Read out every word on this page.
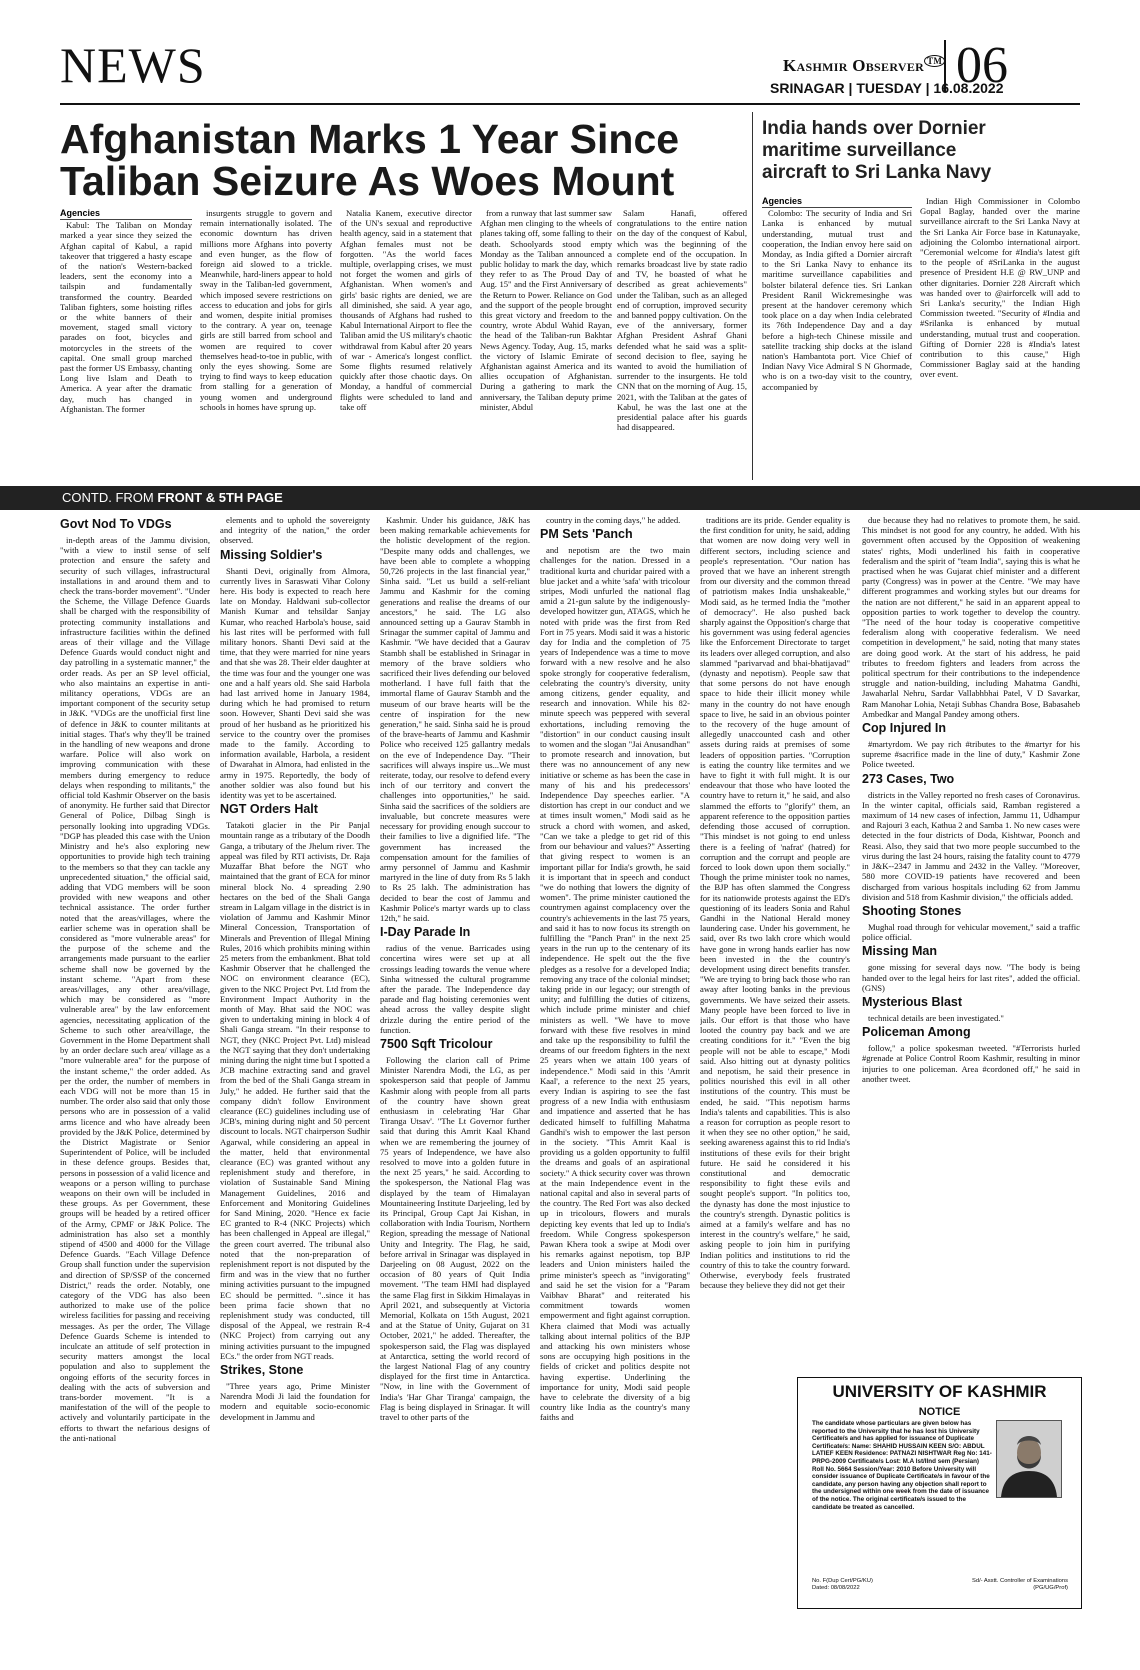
NEWS	Kashmir Observer ™
SRINAGAR | TUESDAY | 16.08.2022
06
Afghanistan Marks 1 Year Since
Taliban Seizure As Woes Mount
Agencies

Kabul: The Taliban on Monday marked a year since they seized the Afghan capital of Kabul, a rapid takeover that triggered a hasty escape of the nation's Western-backed leaders, sent the economy into a tailspin and fundamentally transformed the country. Bearded Taliban fighters, some hoisting rifles or the white banners of their movement, staged small victory parades on foot, bicycles and motorcycles in the streets of the capital. One small group marched past the former US Embassy, chanting Long live Islam and Death to America. A year after the dramatic day, much has changed in Afghanistan. The former

insurgents struggle to govern and remain internationally isolated. The economic downturn has driven millions more Afghans into poverty and even hunger, as the flow of foreign aid slowed to a trickle. Meanwhile, hard-liners appear to hold sway in the Taliban-led government, which imposed severe restrictions on access to education and jobs for girls and women, despite initial promises to the contrary. A year on, teenage girls are still barred from school and women are required to cover themselves head-to-toe in public, with only the eyes showing. Some are trying to find ways to keep education from stalling for a generation of young women and underground schools in homes have sprung up.

Natalia Kanem, executive director of the UN's sexual and reproductive health agency, said in a statement that Afghan females must not be forgotten. "As the world faces multiple, overlapping crises, we must not forget the women and girls of Afghanistan. When women's and girls' basic rights are denied, we are all diminished, she said. A year ago, thousands of Afghans had rushed to Kabul International Airport to flee the Taliban amid the US military's chaotic withdrawal from Kabul after 20 years of war - America's longest conflict. Some flights resumed relatively quickly after those chaotic days. On Monday, a handful of commercial flights were scheduled to land and take off

from a runway that last summer saw Afghan men clinging to the wheels of planes taking off, some falling to their death. Schoolyards stood empty Monday as the Taliban announced a public holiday to mark the day, which they refer to as The Proud Day of Aug. 15" and the First Anniversary of the Return to Power. Reliance on God and the support of the people brought this great victory and freedom to the country, wrote Abdul Wahid Rayan, the head of the Taliban-run Bakhtar News Agency. Today, Aug. 15, marks the victory of Islamic Emirate of Afghanistan against America and its allies occupation of Afghanistan. During a gathering to mark the anniversary, the Taliban deputy prime minister, Abdul

Salam Hanafi, offered congratulations to the entire nation on the day of the conquest of Kabul, which was the beginning of the complete end of the occupation. In remarks broadcast live by state radio and TV, he boasted of what he described as great achievements" under the Taliban, such as an alleged end of corruption, improved security and banned poppy cultivation. On the eve of the anniversary, former Afghan President Ashraf Ghani defended what he said was a split-second decision to flee, saying he wanted to avoid the humiliation of surrender to the insurgents. He told CNN that on the morning of Aug. 15, 2021, with the Taliban at the gates of Kabul, he was the last one at the presidential palace after his guards had disappeared.

India hands over Dornier maritime surveillance aircraft to Sri Lanka Navy
Agencies

Colombo: The security of India and Sri Lanka is enhanced by mutual understanding, mutual trust and cooperation, the Indian envoy here said on Monday, as India gifted a Dornier aircraft to the Sri Lanka Navy to enhance its maritime surveillance capabilities and bolster bilateral defence ties. Sri Lankan President Ranil Wickremesinghe was present at the handover ceremony which took place on a day when India celebrated its 76th Independence Day and a day before a high-tech Chinese missile and satellite tracking ship docks at the island nation's Hambantota port. Vice Chief of Indian Navy Vice Admiral S N Ghormade, who is on a two-day visit to the country, accompanied by

Indian High Commissioner in Colombo Gopal Baglay, handed over the marine surveillance aircraft to the Sri Lanka Navy at the Sri Lanka Air Force base in Katunayake, adjoining the Colombo international airport. "Ceremonial welcome for #India's latest gift to the people of #SriLanka in the august presence of President H.E @ RW_UNP and other dignitaries. Dornier 228 Aircraft which was handed over to @airforcelk will add to Sri Lanka's security," the Indian High Commission tweeted. "Security of #India and #Srilanka is enhanced by mutual understanding, mutual trust and cooperation. Gifting of Dornier 228 is #India's latest contribution to this cause," High Commissioner Baglay said at the handing over event.

CONTD. FROM FRONT & 5TH PAGE
Govt Nod To VDGs

in-depth areas of the Jammu division, "with a view to instil sense of self protection and ensure the safety and security of such villages, infrastructural installations in and around them and to check the trans-border movement". "Under the Scheme, the Village Defence Guards shall be charged with the responsibility of protecting community installations and infrastructure facilities within the defined areas of their village and the Village Defence Guards would conduct night and day patrolling in a systematic manner," the order reads. As per an SP level official, who also maintains an expertise in anti-militancy operations, VDGs are an important component of the security setup in J&K. "VDGs are the unofficial first line of defence in J&K to counter militants at initial stages. That's why they'll be trained in the handling of new weapons and drone warfare. Police will also work on improving communication with these members during emergency to reduce delays when responding to militants," the official told Kashmir Observer on the basis of anonymity. He further said that Director General of Police, Dilbag Singh is personally looking into upgrading VDGs. "DGP has pleaded this case with the Union Ministry and he's also exploring new opportunities to provide high tech training to the members so that they can tackle any unprecedented situation," the official said, adding that VDG members will be soon provided with new weapons and other technical assistance. The order further noted that the areas/villages, where the earlier scheme was in operation shall be considered as "more vulnerable areas" for the purpose of the scheme and the arrangements made pursuant to the earlier scheme shall now be governed by the instant scheme. "Apart from these areas/villages, any other area/village, which may be considered as "more vulnerable area" by the law enforcement agencies, necessitating application of the Scheme to such other area/village, the Government in the Home Department shall by an order declare such area/ village as a "more vulnerable area" for the purpose of the instant scheme," the order added. As per the order, the number of members in each VDG will not be more than 15 in number. The order also said that only those persons who are in possession of a valid arms licence and who have already been provided by the J&K Police, determined by the District Magistrate or Senior Superintendent of Police, will be included in these defence groups. Besides that, persons in possession of a valid licence and weapons or a person willing to purchase weapons on their own will be included in these groups. As per Government, these groups will be headed by a retired officer of the Army, CPMF or J&K Police. The administration has also set a monthly stipend of 4500 and 4000 for the Village Defence Guards. "Each Village Defence Group shall function under the supervision and direction of SP/SSP of the concerned District," reads the order. Notably, one category of the VDG has also been authorized to make use of the police wireless facilities for passing and receiving messages. As per the order, The Village Defence Guards Scheme is intended to inculcate an attitude of self protection in security matters amongst the local population and also to supplement the ongoing efforts of the security forces in dealing with the acts of subversion and trans-border movement. "It is a manifestation of the will of the people to actively and voluntarily participate in the efforts to thwart the nefarious designs of the anti-national

elements and to uphold the sovereignty and integrity of the nation," the order observed.

Missing Soldier's

Shanti Devi, originally from Almora, currently lives in Saraswati Vihar Colony here. His body is expected to reach here late on Monday. Haldwani sub-collector Manish Kumar and tehsildar Sanjay Kumar, who reached Harbola's house, said his last rites will be performed with full military honors. Shanti Devi said at the time, that they were married for nine years and that she was 28. Their elder daughter at the time was four and the younger one was one and a half years old. She said Harbola had last arrived home in January 1984, during which he had promised to return soon. However, Shanti Devi said she was proud of her husband as he prioritized his service to the country over the promises made to the family. According to information available, Harbola, a resident of Dwarahat in Almora, had enlisted in the army in 1975. Reportedly, the body of another soldier was also found but his identity was yet to be ascertained.

NGT Orders Halt

Tatakoti glacier in the Pir Panjal mountain range as a tributary of the Doodh Ganga, a tributary of the Jhelum river. The appeal was filed by RTI activists, Dr. Raja Muzaffar Bhat before the NGT who maintained that the grant of ECA for minor mineral block No. 4 spreading 2.90 hectares on the bed of the Shali Ganga stream in Lalgam village in the district is in violation of Jammu and Kashmir Minor Mineral Concession, Transportation of Minerals and Prevention of Illegal Mining Rules, 2016 which prohibits mining within 25 meters from the embankment. Bhat told Kashmir Observer that he challenged the NOC on environment clearance (EC), given to the NKC Project Pvt. Ltd from the Environment Impact Authority in the month of May. Bhat said the NOC was given to undertaking mining in block 4 of Shali Ganga stream. "In their response to NGT, they (NKC Project Pvt. Ltd) mislead the NGT saying that they don't undertaking mining during the night time but I spotted a JCB machine extracting sand and gravel from the bed of the Shali Ganga stream in July," he added. He further said that the company didn't follow Environment clearance (EC) guidelines including use of JCB's, mining during night and 50 percent discount to locals. NGT chairperson Sudhir Agarwal, while considering an appeal in the matter, held that environmental clearance (EC) was granted without any replenishment study and therefore, in violation of Sustainable Sand Mining Management Guidelines, 2016 and Enforcement and Monitoring Guidelines for Sand Mining, 2020. "Hence ex facie EC granted to R-4 (NKC Projects) which has been challenged in Appeal are illegal," the green court averred. The tribunal also noted that the non-preparation of replenishment report is not disputed by the firm and was in the view that no further mining activities pursuant to the impugned EC should be permitted. "..since it has been prima facie shown that no replenishment study was conducted, till disposal of the Appeal, we restrain R-4 (NKC Project) from carrying out any mining activities pursuant to the impugned ECs." the order from NGT reads.

Strikes, Stone

"Three years ago, Prime Minister Narendra Modi Ji laid the foundation for modern and equitable socio-economic development in Jammu and

Kashmir. Under his guidance, J&K has been making remarkable achievements for the holistic development of the region. "Despite many odds and challenges, we have been able to complete a whopping 50,726 projects in the last financial year," Sinha said. "Let us build a self-reliant Jammu and Kashmir for the coming generations and realise the dreams of our ancestors," he said. The LG also announced setting up a Gaurav Stambh in Srinagar the summer capital of Jammu and Kashmir. "We have decided that a Gaurav Stambh shall be established in Srinagar in memory of the brave soldiers who sacrificed their lives defending our beloved motherland. I have full faith that the immortal flame of Gaurav Stambh and the museum of our brave hearts will be the centre of inspiration for the new generation," he said. Sinha said he is proud of the brave-hearts of Jammu and Kashmir Police who received 125 gallantry medals on the eve of Independence Day. "Their sacrifices will always inspire us...We must reiterate, today, our resolve to defend every inch of our territory and convert the challenges into opportunities," he said. Sinha said the sacrifices of the soldiers are invaluable, but concrete measures were necessary for providing enough succour to their families to live a dignified life. "The government has increased the compensation amount for the families of army personnel of Jammu and Kashmir martyred in the line of duty from Rs 5 lakh to Rs 25 lakh. The administration has decided to bear the cost of Jammu and Kashmir Police's martyr wards up to class 12th," he said.

I-Day Parade In

radius of the venue. Barricades using concertina wires were set up at all crossings leading towards the venue where Sinha witnessed the cultural programme after the parade. The Independence day parade and flag hoisting ceremonies went ahead across the valley despite slight drizzle during the entire period of the function.

7500 Sqft Tricolour

Following the clarion call of Prime Minister Narendra Modi, the LG, as per spokesperson said that people of Jammu Kashmir along with people from all parts of the country have shown great enthusiasm in celebrating 'Har Ghar Tiranga Utsav'. "The Lt Governor further said that during this Amrit Kaal Khand when we are remembering the journey of 75 years of Independence, we have also resolved to move into a golden future in the next 25 years," he said. According to the spokesperson, the National Flag was displayed by the team of Himalayan Mountaineering Institute Darjeeling, led by its Principal, Group Capt Jai Kishan, in collaboration with India Tourism, Northern Region, spreading the message of National Unity and Integrity. The Flag, he said, before arrival in Srinagar was displayed in Darjeeling on 08 August, 2022 on the occasion of 80 years of Quit India movement. "The team HMI had displayed the same Flag first in Sikkim Himalayas in April 2021, and subsequently at Victoria Memorial, Kolkata on 15th August, 2021 and at the Statue of Unity, Gujarat on 31 October, 2021," he added. Thereafter, the spokesperson said, the Flag was displayed at Antarctica, setting the world record of the largest National Flag of any country displayed for the first time in Antarctica. "Now, in line with the Government of India's 'Har Ghar Tiranga' campaign, the Flag is being displayed in Srinagar. It will travel to other parts of the

country in the coming days," he added.

PM Sets 'Panch

and nepotism are the two main challenges for the nation. Dressed in a traditional kurta and churidar paired with a blue jacket and a white 'safa' with tricolour stripes, Modi unfurled the national flag amid a 21-gun salute by the indigenously-developed howitzer gun, ATAGS, which he noted with pride was the first from Red Fort in 75 years. Modi said it was a historic day for India and the completion of 75 years of Independence was a time to move forward with a new resolve and he also spoke strongly for cooperative federalism, celebrating the country's diversity, unity among citizens, gender equality, and research and innovation. While his 82-minute speech was peppered with several exhortations, including removing the "distortion" in our conduct causing insult to women and the slogan "Jai Anusandhan" to promote research and innovation, but there was no announcement of any new initiative or scheme as has been the case in many of his and his predecessors' Independence Day speeches earlier. "A distortion has crept in our conduct and we at times insult women," Modi said as he struck a chord with women, and asked, "Can we take a pledge to get rid of this from our behaviour and values?" Asserting that giving respect to women is an important pillar for India's growth, he said it is important that in speech and conduct "we do nothing that lowers the dignity of women". The prime minister cautioned the countrymen against complacency over the country's achievements in the last 75 years, and said it has to now focus its strength on fulfilling the "Panch Pran" in the next 25 years in the run up to the centenary of its independence. He spelt out the the five pledges as a resolve for a developed India; removing any trace of the colonial mindset; taking pride in our legacy; our strength of unity; and fulfilling the duties of citizens, which include prime minister and chief ministers as well. "We have to move forward with these five resolves in mind and take up the responsibility to fulfil the dreams of our freedom fighters in the next 25 years when we attain 100 years of independence." Modi said in this 'Amrit Kaal', a reference to the next 25 years, every Indian is aspiring to see the fast progress of a new India with enthusiasm and impatience and asserted that he has dedicated himself to fulfilling Mahatma Gandhi's wish to empower the last person in the society. "This Amrit Kaal is providing us a golden opportunity to fulfil the dreams and goals of an aspirational society." A thick security cover was thrown at the main Independence event in the national capital and also in several parts of the country. The Red Fort was also decked up in tricolours, flowers and murals depicting key events that led up to India's freedom. While Congress spokesperson Pawan Khera took a swipe at Modi over his remarks against nepotism, top BJP leaders and Union ministers hailed the prime minister's speech as "invigorating" and said he set the vision for a "Param Vaibhav Bharat" and reiterated his commitment towards women empowerment and fight against corruption. Khera claimed that Modi was actually talking about internal politics of the BJP and attacking his own ministers whose sons are occupying high positions in the fields of cricket and politics despite not having expertise. Underlining the importance for unity, Modi said people have to celebrate the diversity of a big country like India as the country's many faiths and

traditions are its pride. Gender equality is the first condition for unity, he said, adding that women are now doing very well in different sectors, including science and people's representation. "Our nation has proved that we have an inherent strength from our diversity and the common thread of patriotism makes India unshakeable," Modi said, as he termed India the "mother of democracy". He also pushed back sharply against the Opposition's charge that his government was using federal agencies like the Enforcement Directorate to target its leaders over alleged corruption, and also slammed "parivarvad and bhai-bhatijavad" (dynasty and nepotism). People saw that that some persons do not have enough space to hide their illicit money while many in the country do not have enough space to live, he said in an obvious pointer to the recovery of the huge amount of allegedly unaccounted cash and other assets during raids at premises of some leaders of opposition parties. "Corruption is eating the country like termites and we have to fight it with full might. It is our endeavour that those who have looted the country have to return it," he said, and also slammed the efforts to "glorify" them, an apparent reference to the opposition parties defending those accused of corruption. "This mindset is not going to end unless there is a feeling of 'nafrat' (hatred) for corruption and the corrupt and people are forced to look down upon them socially." Though the prime minister took no names, the BJP has often slammed the Congress for its nationwide protests against the ED's questioning of its leaders Sonia and Rahul Gandhi in the National Herald money laundering case. Under his government, he said, over Rs two lakh crore which would have gone in wrong hands earlier has now been invested in the the country's development using direct benefits transfer. "We are trying to bring back those who ran away after looting banks in the previous governments. We have seized their assets. Many people have been forced to live in jails. Our effort is that those who have looted the country pay back and we are creating conditions for it." "Even the big people will not be able to escape," Modi said. Also hitting out at dynasty politics and nepotism, he said their presence in politics nourished this evil in all other institutions of the country. This must be ended, he said. "This nepotism harms India's talents and capabilities. This is also a reason for corruption as people resort to it when they see no other option," he said, seeking awareness against this to rid India's institutions of these evils for their bright future. He said he considered it his constitutional and democratic responsibility to fight these evils and sought people's support. "In politics too, the dynasty has done the most injustice to the country's strength. Dynastic politics is aimed at a family's welfare and has no interest in the country's welfare," he said, asking people to join him in purifying Indian politics and institutions to rid the country of this to take the country forward. Otherwise, everybody feels frustrated because they believe they did not get their

due because they had no relatives to promote them, he said. This mindset is not good for any country, he added. With his government often accused by the Opposition of weakening states' rights, Modi underlined his faith in cooperative federalism and the spirit of "team India", saying this is what he practised when he was Gujarat chief minister and a different party (Congress) was in power at the Centre. "We may have different programmes and working styles but our dreams for the nation are not different," he said in an apparent appeal to opposition parties to work together to develop the country. "The need of the hour today is cooperative competitive federalism along with cooperative federalism. We need competition in development," he said, noting that many states are doing good work. At the start of his address, he paid tributes to freedom fighters and leaders from across the political spectrum for their contributions to the independence struggle and nation-building, including Mahatma Gandhi, Jawaharlal Nehru, Sardar Vallabhbhai Patel, V D Savarkar, Ram Manohar Lohia, Netaji Subhas Chandra Bose, Babasaheb Ambedkar and Mangal Pandey among others.

Cop Injured In

#martyrdom. We pay rich #tributes to the #martyr for his supreme #sacrifice made in the line of duty," Kashmir Zone Police tweeted.

273 Cases, Two

districts in the Valley reported no fresh cases of Coronavirus. In the winter capital, officials said, Ramban registered a maximum of 14 new cases of infection, Jammu 11, Udhampur and Rajouri 3 each, Kathua 2 and Samba 1. No new cases were detected in the four districts of Doda, Kishtwar, Poonch and Reasi. Also, they said that two more people succumbed to the virus during the last 24 hours, raising the fatality count to 4779 in J&K--2347 in Jammu and 2432 in the Valley. "Moreover, 580 more COVID-19 patients have recovered and been discharged from various hospitals including 62 from Jammu division and 518 from Kashmir division," the officials added.

Shooting Stones

Mughal road through for vehicular movement," said a traffic police official.

Missing Man

gone missing for several days now. "The body is being handed over to the legal heirs for last rites", added the official. (GNS)

Mysterious Blast

technical details are been investigated."

Policeman Among

follow," a police spokesman tweeted. "#Terrorists hurled #grenade at Police Control Room Kashmir, resulting in minor injuries to one policeman. Area #cordoned off," he said in another tweet.

UNIVERSITY OF KASHMIR
NOTICE
The candidate whose particulars are given below has reported to the University that he has lost his University Certificate/s and has applied for issuance of Duplicate Certificate/s: Name: SHAHID HUSSAIN KEEN S/O: ABDUL LATIEF KEEN Residence: PATNAZI NISHTWAR Reg No: 141-PRPG-2009 Certificate/s Lost: M.A Ist/IInd sem (Persian) Roll No. 5664 Session/Year: 2010 Before University will consider issuance of Duplicate Certificate/s in favour of the candidate, any person having any objection shall report to the undersigned within one week from the date of issuance of the notice. The original certificate/s issued to the candidate be treated as cancelled.
No. F(Dup Cert/PG/KU)
Dated: 08/08/2022
Sd/- Asstt. Controller of Examinations (PG/UG/Prof)
